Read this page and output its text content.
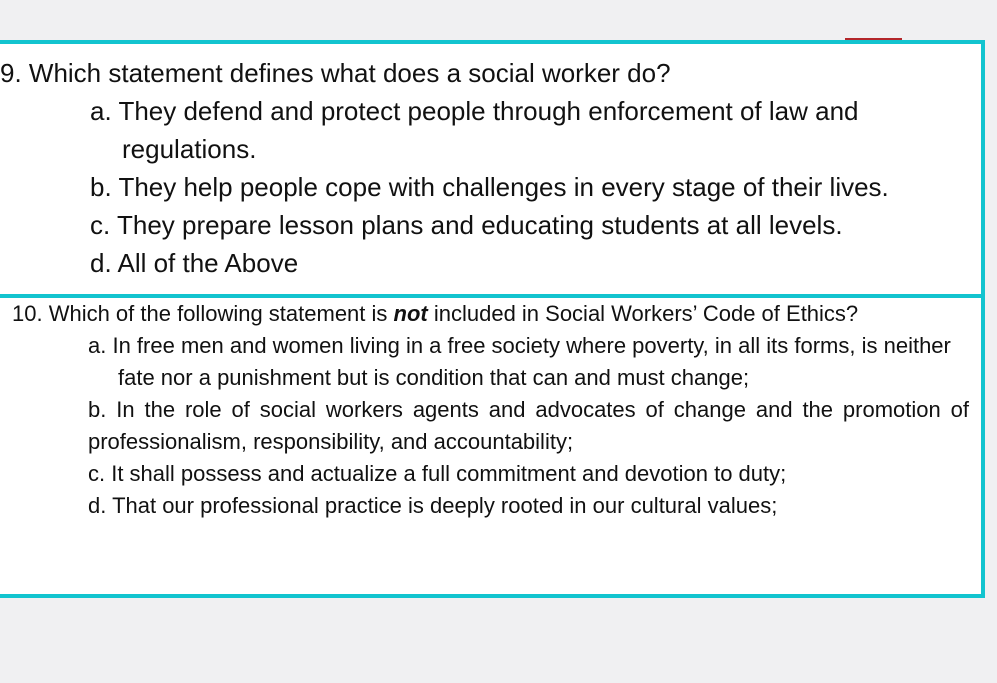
9. Which statement defines what does a social worker do?
a. They defend and protect people through enforcement of law and regulations.
b. They help people cope with challenges in every stage of their lives.
c. They prepare lesson plans and educating students at all levels.
d. All of the Above
10. Which of the following statement is not included in Social Workers’ Code of Ethics?
a. In free men and women living in a free society where poverty, in all its forms, is neither fate nor a punishment but is condition that can and must change;
b. In the role of social workers agents and advocates of change and the promotion of professionalism, responsibility, and accountability;
c. It shall possess and actualize a full commitment and devotion to duty;
d. That our professional practice is deeply rooted in our cultural values;
